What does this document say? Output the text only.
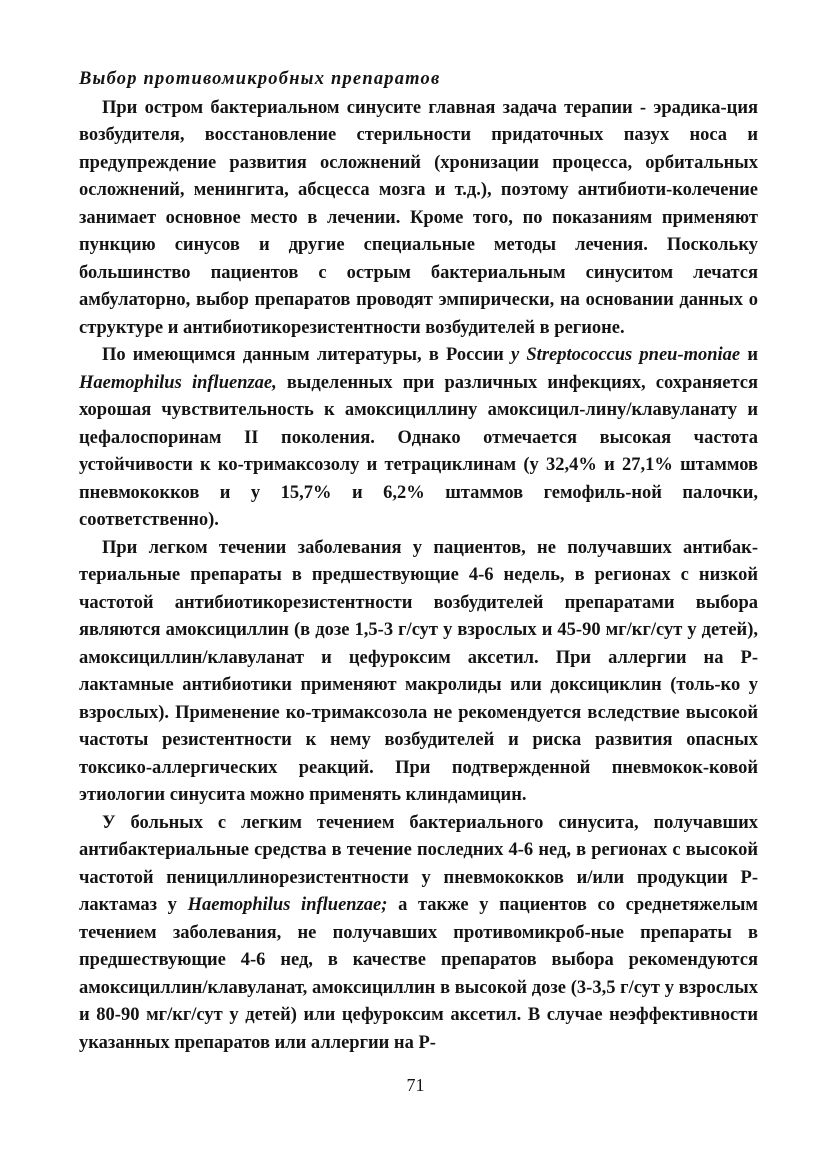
Выбор противомикробных препаратов

При остром бактериальном синусите главная задача терапии - эрадика-ция возбудителя, восстановление стерильности придаточных пазух носа и предупреждение развития осложнений (хронизации процесса, орбитальных осложнений, менингита, абсцесса мозга и т.д.), поэтому антибиоти-колечение занимает основное место в лечении. Кроме того, по показаниям применяют пункцию синусов и другие специальные методы лечения. Поскольку большинство пациентов с острым бактериальным синуситом лечатся амбулаторно, выбор препаратов проводят эмпирически, на основании данных о структуре и антибиотикорезистентности возбудителей в регионе.

По имеющимся данным литературы, в России у Streptococcus pneu-moniae и Haemophilus influenzae, выделенных при различных инфекциях, сохраняется хорошая чувствительность к амоксициллину амоксицил-лину/клавуланату и цефалоспоринам II поколения. Однако отмечается высокая частота устойчивости к ко-тримаксозолу и тетрациклинам (у 32,4% и 27,1% штаммов пневмококков и у 15,7% и 6,2% штаммов гемофиль-ной палочки, соответственно).

При легком течении заболевания у пациентов, не получавших антибак-териальные препараты в предшествующие 4-6 недель, в регионах с низкой частотой антибиотикорезистентности возбудителей препаратами выбора являются амоксициллин (в дозе 1,5-3 г/сут у взрослых и 45-90 мг/кг/сут у детей), амоксициллин/клавуланат и цефуроксим аксетил. При аллергии на Р-лактамные антибиотики применяют макролиды или доксициклин (толь-ко у взрослых). Применение ко-тримаксозола не рекомендуется вследствие высокой частоты резистентности к нему возбудителей и риска развития опасных токсико-аллергических реакций. При подтвержденной пневмокок-ковой этиологии синусита можно применять клиндамицин.

У больных с легким течением бактериального синусита, получавших антибактериальные средства в течение последних 4-6 нед, в регионах с высокой частотой пенициллинорезистентности у пневмококков и/или продукции Р-лактамаз у Haemophilus influenzae; а также у пациентов со среднетяжелым течением заболевания, не получавших противомикроб-ные препараты в предшествующие 4-6 нед, в качестве препаратов выбора рекомендуются амоксициллин/клавуланат, амоксициллин в высокой дозе (3-3,5 г/сут у взрослых и 80-90 мг/кг/сут у детей) или цефуроксим аксетил. В случае неэффективности указанных препаратов или аллергии на Р-

71
